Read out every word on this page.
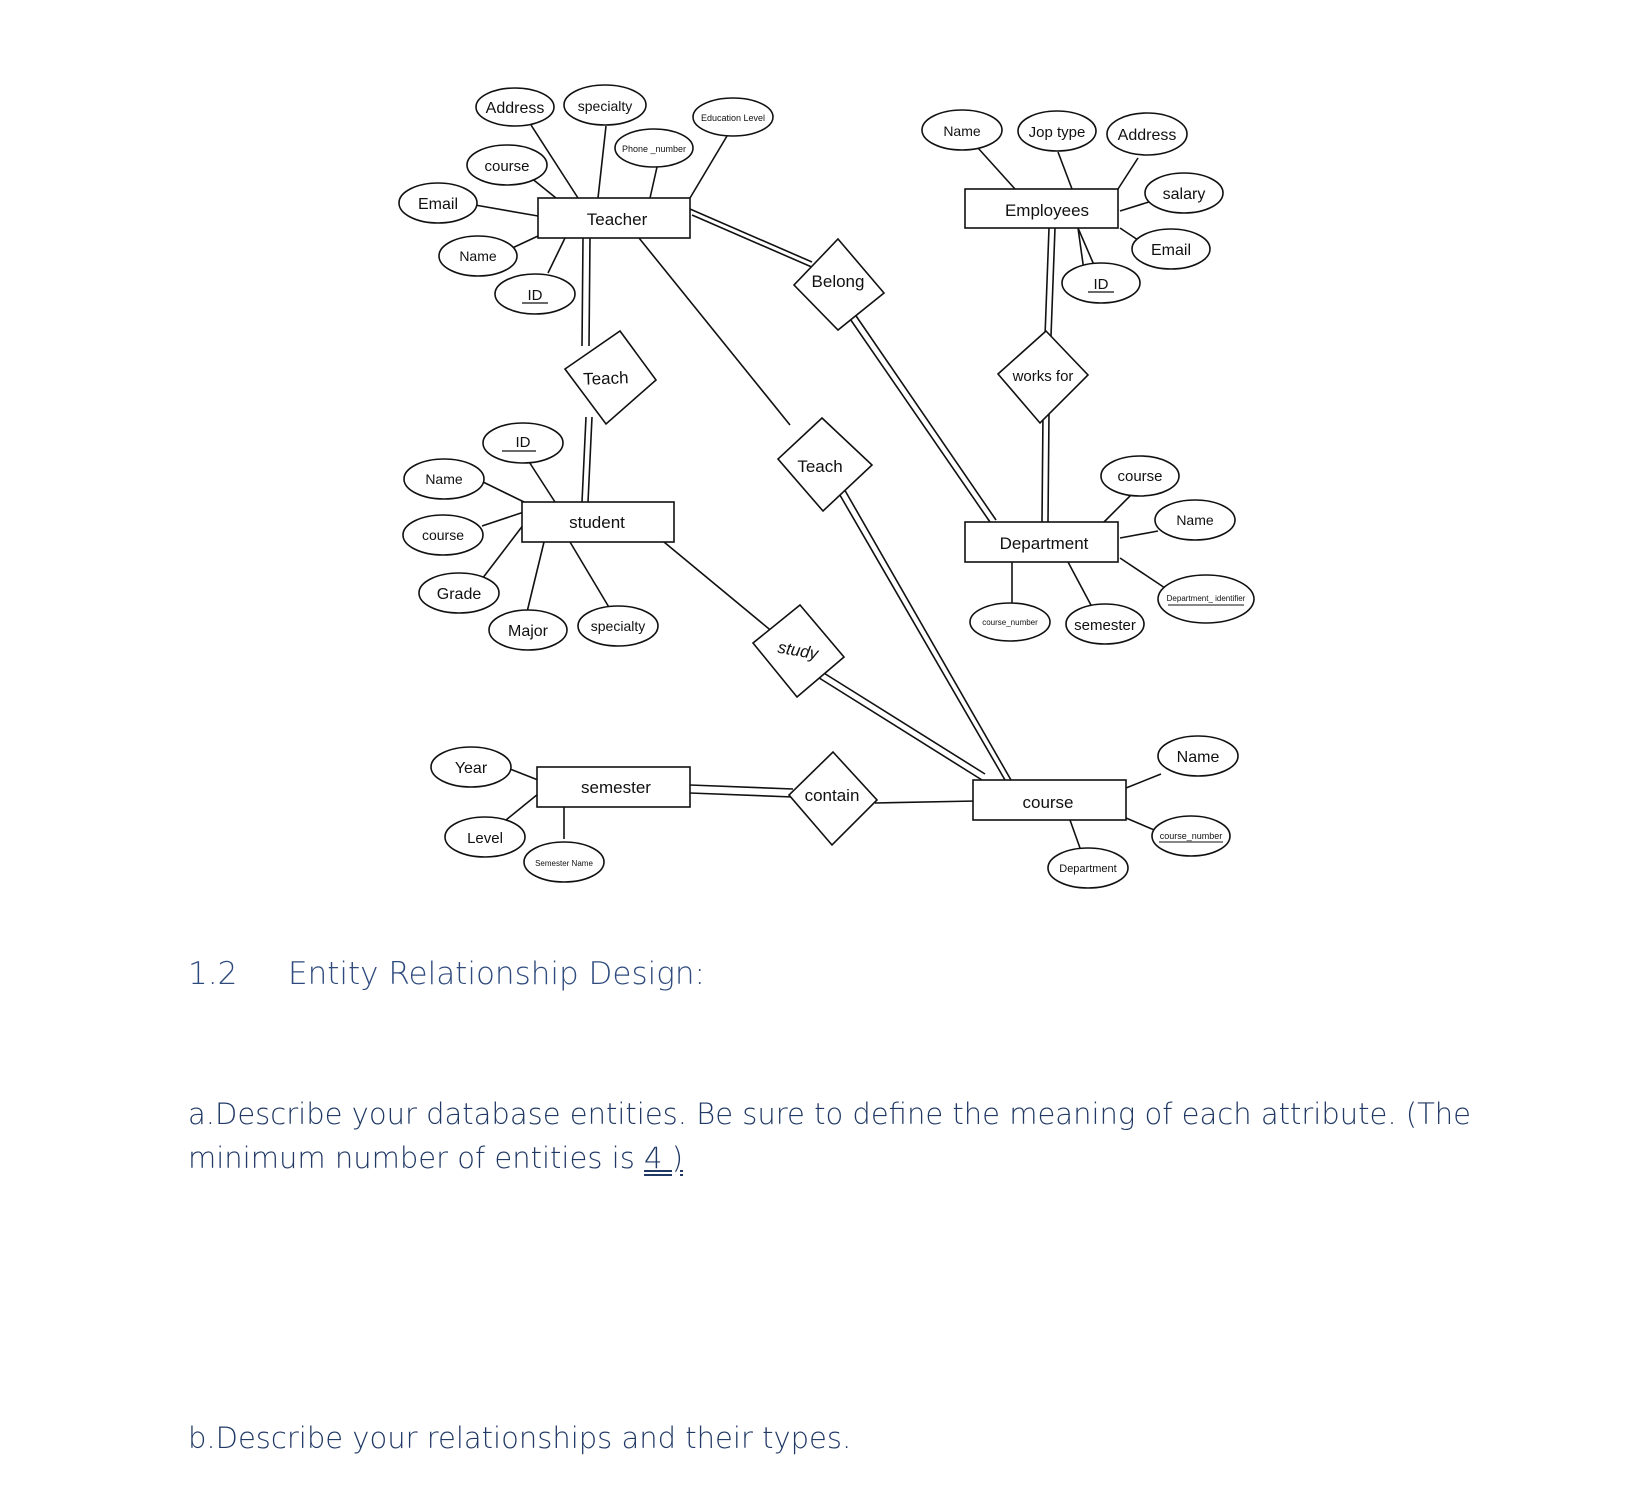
Teacher	Employees
student
Department
semester
course
Teach
Belong
works for
Teach
study
contain
Address specialty
Education Level
Phone _number
course
Email
Name
ID
Name	Jop type Address
salary
Email
ID
ID
Name
course
Grade
Major	specialty
course
Name
Department_ identifier
course_number semester
Year
Level
Semester Name
Name
course_number
Department
1.2 Entity Relationship Design:
a.Describe your database entities. Be sure to define the meaning of each attribute. (The minimum number of entities is 4 )
b.Describe your relationships and their types.
